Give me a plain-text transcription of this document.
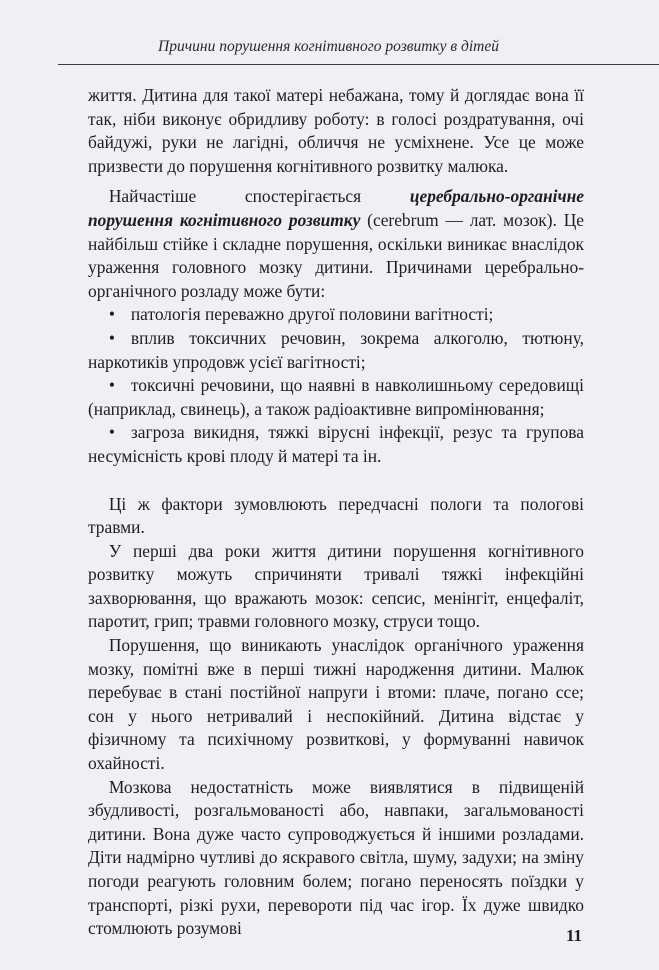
Причини порушення когнітивного розвитку в дітей

життя. Дитина для такої матері небажана, тому й доглядає вона її так, ніби виконує обридливу роботу: в голосі роздратування, очі байдужі, руки не лагідні, обличчя не усміхнене. Усе це може призвести до порушення когнітивного розвитку малюка.

  Найчастіше спостерігається церебрально-органічне порушення когнітивного розвитку (cerebrum — лат. мозок). Це найбільш стійке і складне порушення, оскільки виникає внаслідок ураження головного мозку дитини. Причинами церебрально-органічного розладу може бути:

  • патологія переважно другої половини вагітності;

  • вплив токсичних речовин, зокрема алкоголю, тютюну, наркотиків упродовж усієї вагітності;

  • токсичні речовини, що наявні в навколишньому середовищі (наприклад, свинець), а також радіоактивне випромінювання;

  • загроза викидня, тяжкі вірусні інфекції, резус та групова несумісність крові плоду й матері та ін.

  Ці ж фактори зумовлюють передчасні пологи та пологові травми.

  У перші два роки життя дитини порушення когнітивного розвитку можуть спричиняти тривалі тяжкі інфекційні захворювання, що вражають мозок: сепсис, менінгіт, енцефаліт, паротит, грип; травми головного мозку, струси тощо.

  Порушення, що виникають унаслідок органічного ураження мозку, помітні вже в перші тижні народження дитини. Малюк перебуває в стані постійної напруги і втоми: плаче, погано ссе; сон у нього нетривалий і неспокійний. Дитина відстає у фізичному та психічному розвиткові, у формуванні навичок охайності.

  Мозкова недостатність може виявлятися в підвищеній збудливості, розгальмованості або, навпаки, загальмованості дитини. Вона дуже часто супроводжується й іншими розладами. Діти надмірно чутливі до яскравого світла, шуму, задухи; на зміну погоди реагують головним болем; погано переносять поїздки у транспорті, різкі рухи, перевороти під час ігор. Їх дуже швидко стомлюють розумові	11
